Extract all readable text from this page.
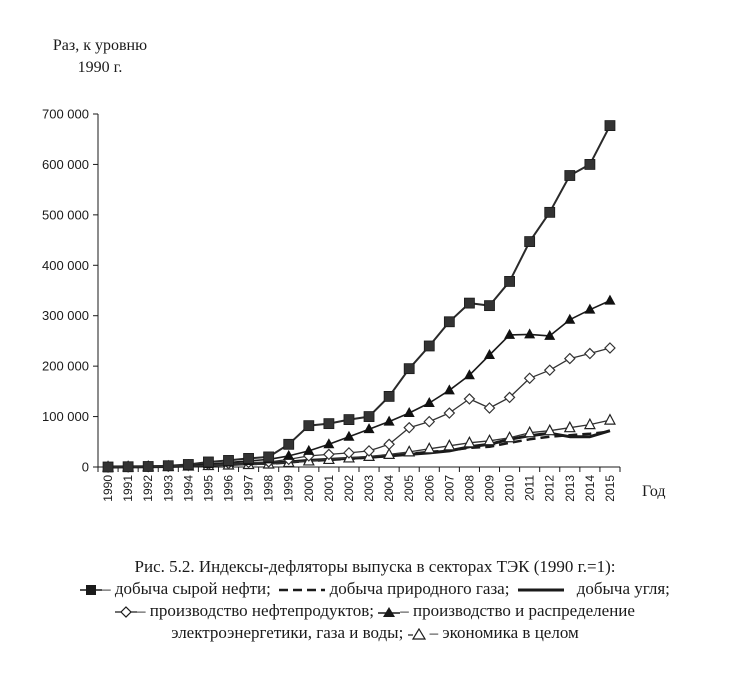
Раз, к уровню
1990 г.
Год
0
100 000
200 000
300 000
400 000
500 000
600 000
700 000
1990 1991 1992 1993 1994 1995 1996 1997 1998 1999 2000 2001 2002 2003 2004 2005 2006 2007 2008 2009 2010 2011 2012 2013 2014 2015
Рис. 5.2. Индексы-дефляторы выпуска в секторах ТЭК (1990 г.=1):
– добыча сырой нефти;	добыча природного газа;	добыча угля;
– производство нефтепродуктов; – производство и распределение
электроэнергетики, газа и воды; – экономика в целом
